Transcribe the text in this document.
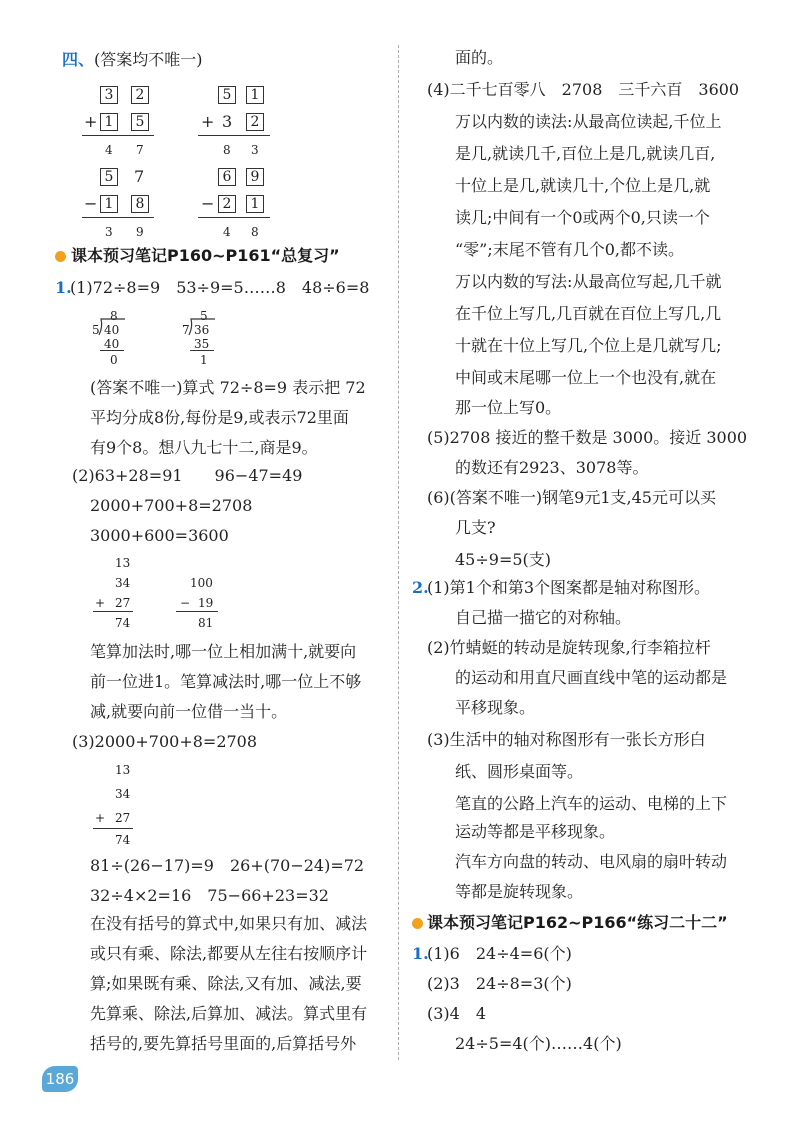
四、(答案均不唯一)
3	2
+ 1	5
4 7
5	1
+ 3	2
8 3
5 7
− 1	8
3 9
6	9
− 2	1
4 8
课本预习笔记P160~P161“总复习”
1.
(1)72÷8=9　53÷9=5……8　48÷6=8
8
5 40
40
0
5
7 36
35
1
(答案不唯一)算式 72÷8=9 表示把 72
平均分成8份,每份是9,或表示72里面
有9个8。想八九七十二,商是9。
(2)63+28=91　　96−47=49
2000+700+8=2708
3000+600=3600
13
34
+ 27
74
100
− 19
81
笔算加法时,哪一位上相加满十,就要向
前一位进1。笔算减法时,哪一位上不够
减,就要向前一位借一当十。
(3)2000+700+8=2708
13
34
+ 27
74
81÷(26−17)=9　26+(70−24)=72
32÷4×2=16　75−66+23=32
在没有括号的算式中,如果只有加、减法
或只有乘、除法,都要从左往右按顺序计
算;如果既有乘、除法,又有加、减法,要
先算乘、除法,后算加、减法。算式里有
括号的,要先算括号里面的,后算括号外
面的。
(4)二千七百零八　2708　三千六百　3600
万以内数的读法:从最高位读起,千位上
是几,就读几千,百位上是几,就读几百,
十位上是几,就读几十,个位上是几,就
读几;中间有一个0或两个0,只读一个
“零”;末尾不管有几个0,都不读。
万以内数的写法:从最高位写起,几千就
在千位上写几,几百就在百位上写几,几
十就在十位上写几,个位上是几就写几;
中间或末尾哪一位上一个也没有,就在
那一位上写0。
(5)2708 接近的整千数是 3000。接近 3000
的数还有2923、3078等。
(6)(答案不唯一)钢笔9元1支,45元可以买
几支?
45÷9=5(支)
2.
(1)第1个和第3个图案都是轴对称图形。
自己描一描它的对称轴。
(2)竹蜻蜓的转动是旋转现象,行李箱拉杆
的运动和用直尺画直线中笔的运动都是
平移现象。
(3)生活中的轴对称图形有一张长方形白
纸、圆形桌面等。
笔直的公路上汽车的运动、电梯的上下
运动等都是平移现象。
汽车方向盘的转动、电风扇的扇叶转动
等都是旋转现象。
课本预习笔记P162~P166“练习二十二”
1.
(1)6　24÷4=6(个)
(2)3　24÷8=3(个)
(3)4　4
24÷5=4(个)……4(个)
186
